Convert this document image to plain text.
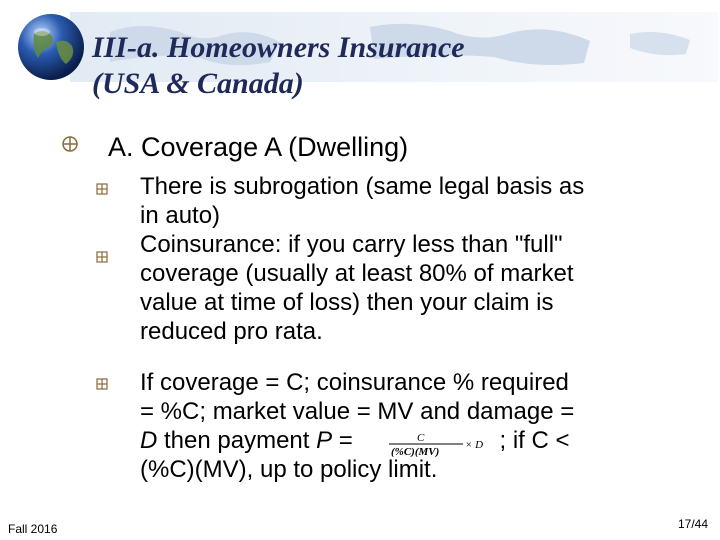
III-a. Homeowners Insurance
(USA & Canada)
A. Coverage A (Dwelling)
There is subrogation (same legal basis as
in auto)
Coinsurance: if you carry less than "full"
coverage (usually at least 80% of market
value at time of loss) then your claim is
reduced pro rata.
If coverage = C; coinsurance % required
= %C; market value = MV and damage =
D then payment P =	C
(%C)(MV)
× D ; if C <
(%C)(MV), up to policy limit.
Fall 2016	17/44
